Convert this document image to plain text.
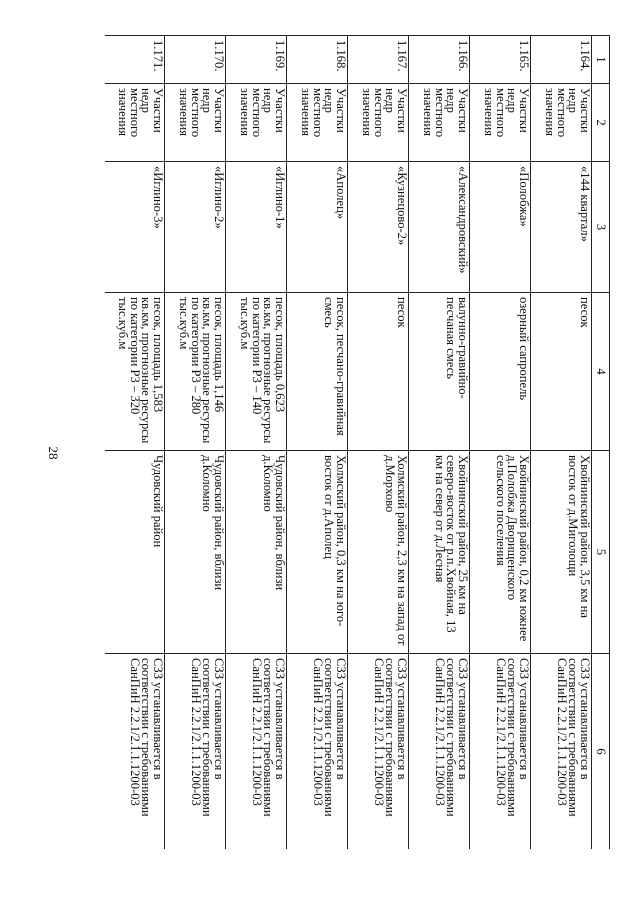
28
1	2	3	4	5	6
1.164.	Участки недр местного значения	«144 квартал»	песок	Хвойнинский район, 3,5 км на восток от д.Миголощи	СЗЗ устанавливается в соответствии с требованиями СанПиН 2.2.1/2.1.1.1200-03
1.165.	Участки недр местного значения	«Полобжа»	озерный сапропель	Хвойнинский район, 0,2 км южнее д.Полобжа Дворищенского сельского поселения	СЗЗ устанавливается в соответствии с требованиями СанПиН 2.2.1/2.1.1.1200-03
1.166.	Участки недр местного значения	«Александровский»	валунно-гравийно-песчаная смесь	Хвойнинский район, 25 км на северо-восток от р.п.Хвойная, 13 км на север от д.Лесная	СЗЗ устанавливается в соответствии с требованиями СанПиН 2.2.1/2.1.1.1200-03
1.167.	Участки недр местного значения	«Кузнецово-2»	песок	Холмский район, 2,3 км на запад от д.Морхово	СЗЗ устанавливается в соответствии с требованиями СанПиН 2.2.1/2.1.1.1200-03
1.168.	Участки недр местного значения	«Аполец»	песок, песчано-гравийная смесь	Холмский район, 0,3 км на юго-восток от д.Аполец	СЗЗ устанавливается в соответствии с требованиями СанПиН 2.2.1/2.1.1.1200-03
1.169.	Участки недр местного значения	«Иглино-1»	песок, площадь 0,623 кв.км, прогнозные ресурсы по категории Р3 – 140 тыс.куб.м	Чудовский район, вблизи д.Коломно	СЗЗ устанавливается в соответствии с требованиями СанПиН 2.2.1/2.1.1.1200-03
1.170.	Участки недр местного значения	«Иглино-2»	песок, площадь 1,146 кв.км, прогнозные ресурсы по категории Р3 – 280 тыс.куб.м	Чудовский район, вблизи д.Коломно	СЗЗ устанавливается в соответствии с требованиями СанПиН 2.2.1/2.1.1.1200-03
1.171.	Участки недр местного значения	«Иглино-3»	песок, площадь 1,583 кв.км, прогнозные ресурсы по категории Р3 – 320 тыс.куб.м	Чудовский район	СЗЗ устанавливается в соответствии с требованиями СанПиН 2.2.1/2.1.1.1200-03
